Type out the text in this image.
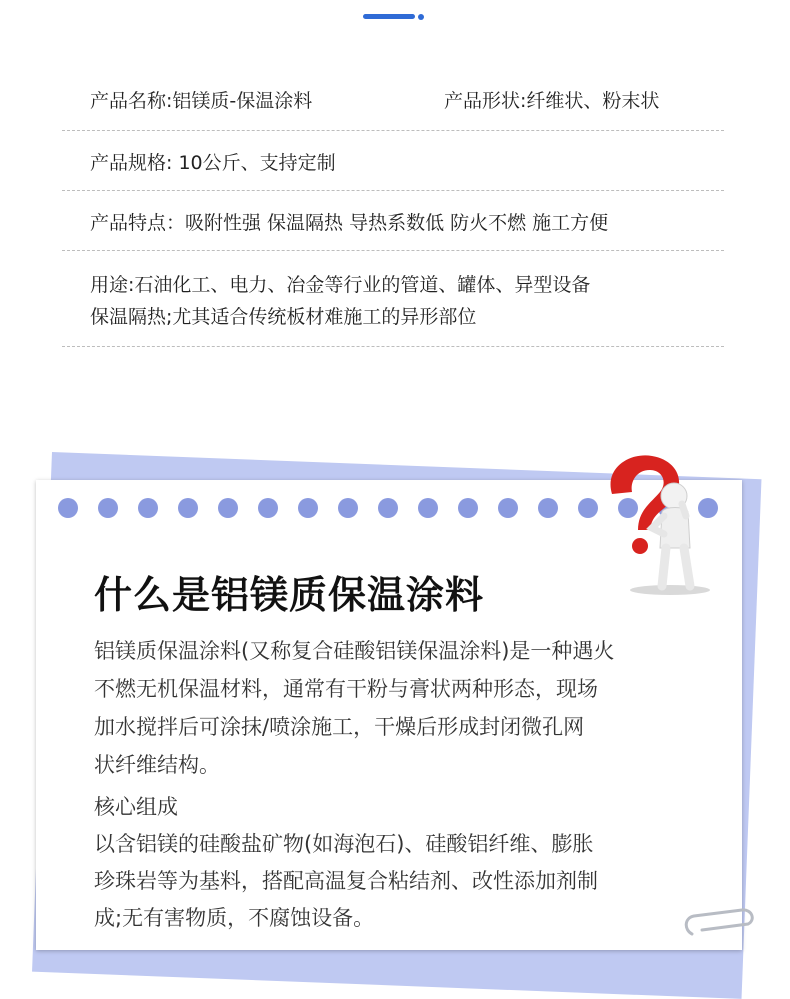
产品名称:铝镁质-保温涂料	产品形状:纤维状、粉末状
产品规格: 10公斤、支持定制
产品特点：吸附性强 保温隔热 导热系数低 防火不燃 施工方便
用途:石油化工、电力、冶金等行业的管道、罐体、异型设备
保温隔热;尤其适合传统板材难施工的异形部位
什么是铝镁质保温涂料

铝镁质保温涂料(又称复合硅酸铝镁保温涂料)是一种遇火

不燃无机保温材料，通常有干粉与膏状两种形态，现场

加水搅拌后可涂抹/喷涂施工，干燥后形成封闭微孔网

状纤维结构。

核心组成

以含铝镁的硅酸盐矿物(如海泡石)、硅酸铝纤维、膨胀

珍珠岩等为基料，搭配高温复合粘结剂、改性添加剂制

成;无有害物质，不腐蚀设备。
